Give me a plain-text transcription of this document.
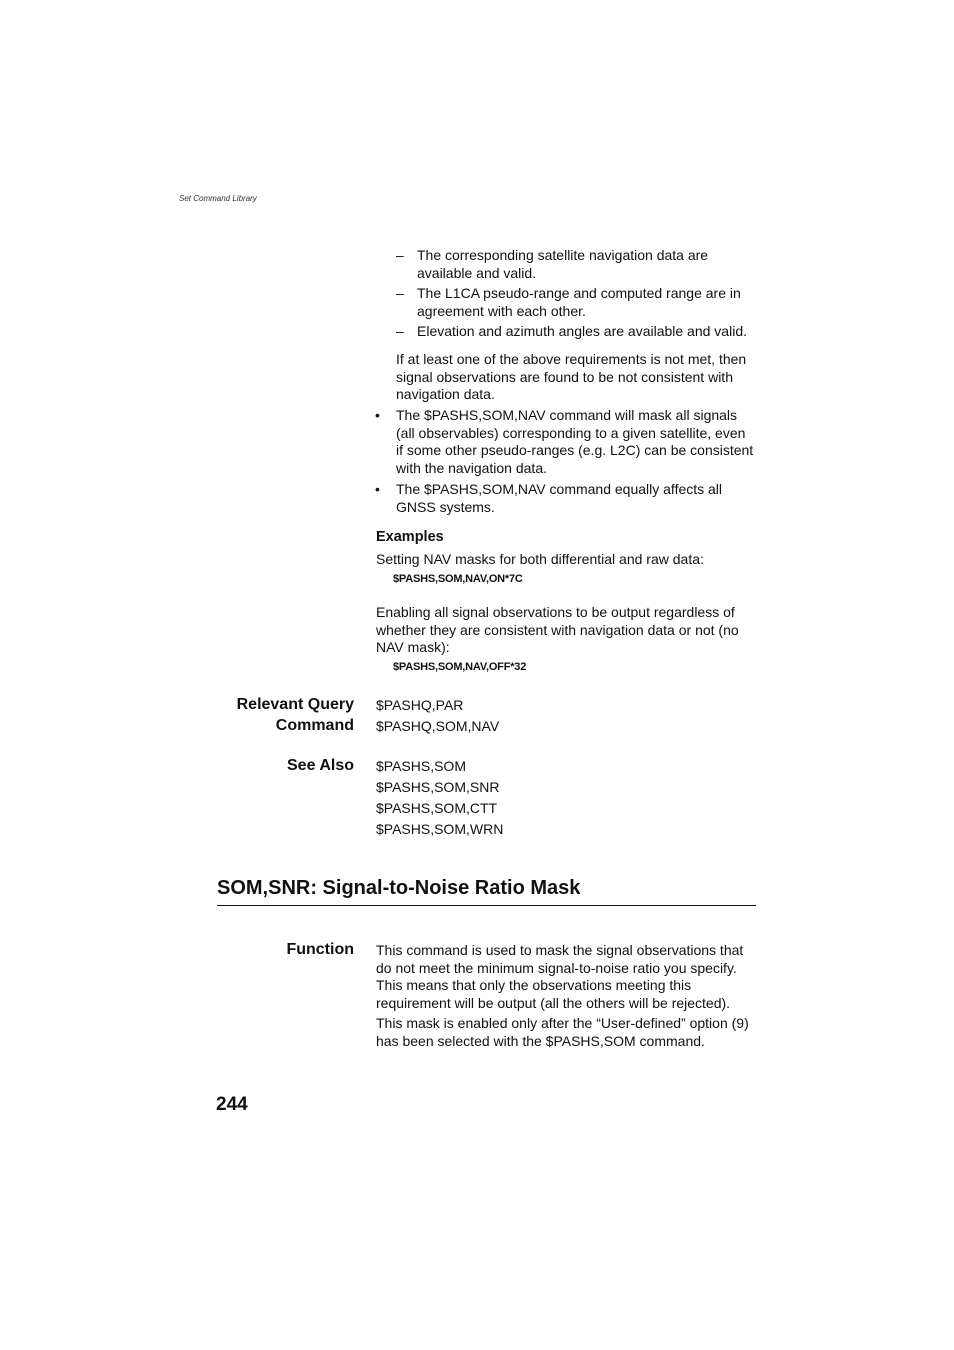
Set Command Library
– The corresponding satellite navigation data are available and valid.
– The L1CA pseudo-range and computed range are in agreement with each other.
– Elevation and azimuth angles are available and valid.
If at least one of the above requirements is not met, then signal observations are found to be not consistent with navigation data.
• The $PASHS,SOM,NAV command will mask all signals (all observables) corresponding to a given satellite, even if some other pseudo-ranges (e.g. L2C) can be consistent with the navigation data.
• The $PASHS,SOM,NAV command equally affects all GNSS systems.
Examples
Setting NAV masks for both differential and raw data:
$PASHS,SOM,NAV,ON*7C
Enabling all signal observations to be output regardless of whether they are consistent with navigation data or not (no NAV mask):
$PASHS,SOM,NAV,OFF*32
Relevant Query
Command
$PASHQ,PAR
$PASHQ,SOM,NAV
See Also $PASHS,SOM
$PASHS,SOM,SNR
$PASHS,SOM,CTT
$PASHS,SOM,WRN
SOM,SNR: Signal-to-Noise Ratio Mask
Function This command is used to mask the signal observations that do not meet the minimum signal-to-noise ratio you specify. This means that only the observations meeting this requirement will be output (all the others will be rejected).
This mask is enabled only after the “User-defined” option (9) has been selected with the $PASHS,SOM command.
244
